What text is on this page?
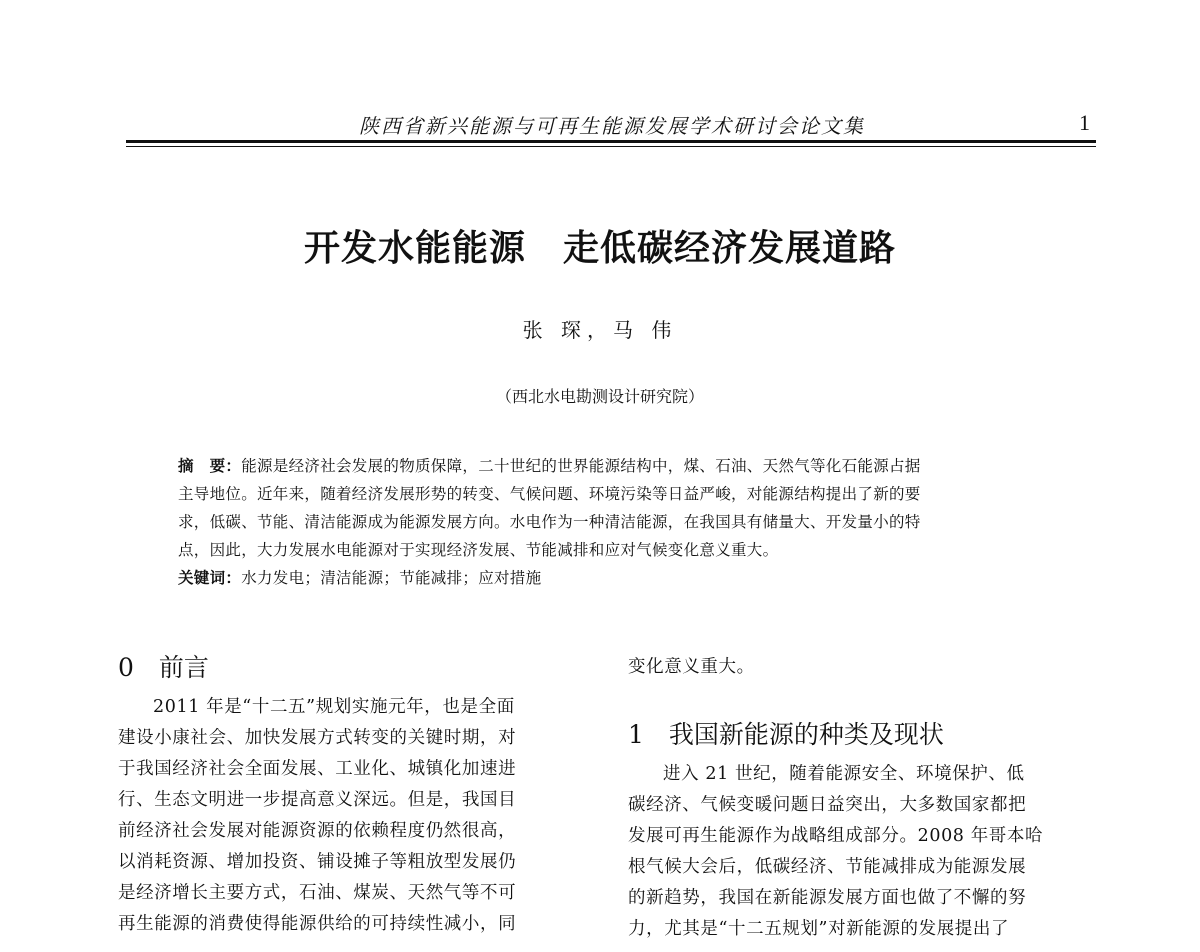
陕西省新兴能源与可再生能源发展学术研讨会论文集	1
开发水能能源　走低碳经济发展道路
张 琛，马 伟
（西北水电勘测设计研究院）
摘　要：能源是经济社会发展的物质保障，二十世纪的世界能源结构中，煤、石油、天然气等化石能源占据
主导地位。近年来，随着经济发展形势的转变、气候问题、环境污染等日益严峻，对能源结构提出了新的要
求，低碳、节能、清洁能源成为能源发展方向。水电作为一种清洁能源，在我国具有储量大、开发量小的特
点，因此，大力发展水电能源对于实现经济发展、节能减排和应对气候变化意义重大。
关键词：水力发电；清洁能源；节能减排；应对措施
0　前言
2011 年是“十二五”规划实施元年，也是全面
建设小康社会、加快发展方式转变的关键时期，对
于我国经济社会全面发展、工业化、城镇化加速进
行、生态文明进一步提高意义深远。但是，我国目
前经济社会发展对能源资源的依赖程度仍然很高，
以消耗资源、增加投资、铺设摊子等粗放型发展仍
是经济增长主要方式，石油、煤炭、天然气等不可
再生能源的消费使得能源供给的可持续性减小，同
变化意义重大。
1　我国新能源的种类及现状
进入 21 世纪，随着能源安全、环境保护、低
碳经济、气候变暖问题日益突出，大多数国家都把
发展可再生能源作为战略组成部分。2008 年哥本哈
根气候大会后，低碳经济、节能减排成为能源发展
的新趋势，我国在新能源发展方面也做了不懈的努
力，尤其是“十二五规划”对新能源的发展提出了
